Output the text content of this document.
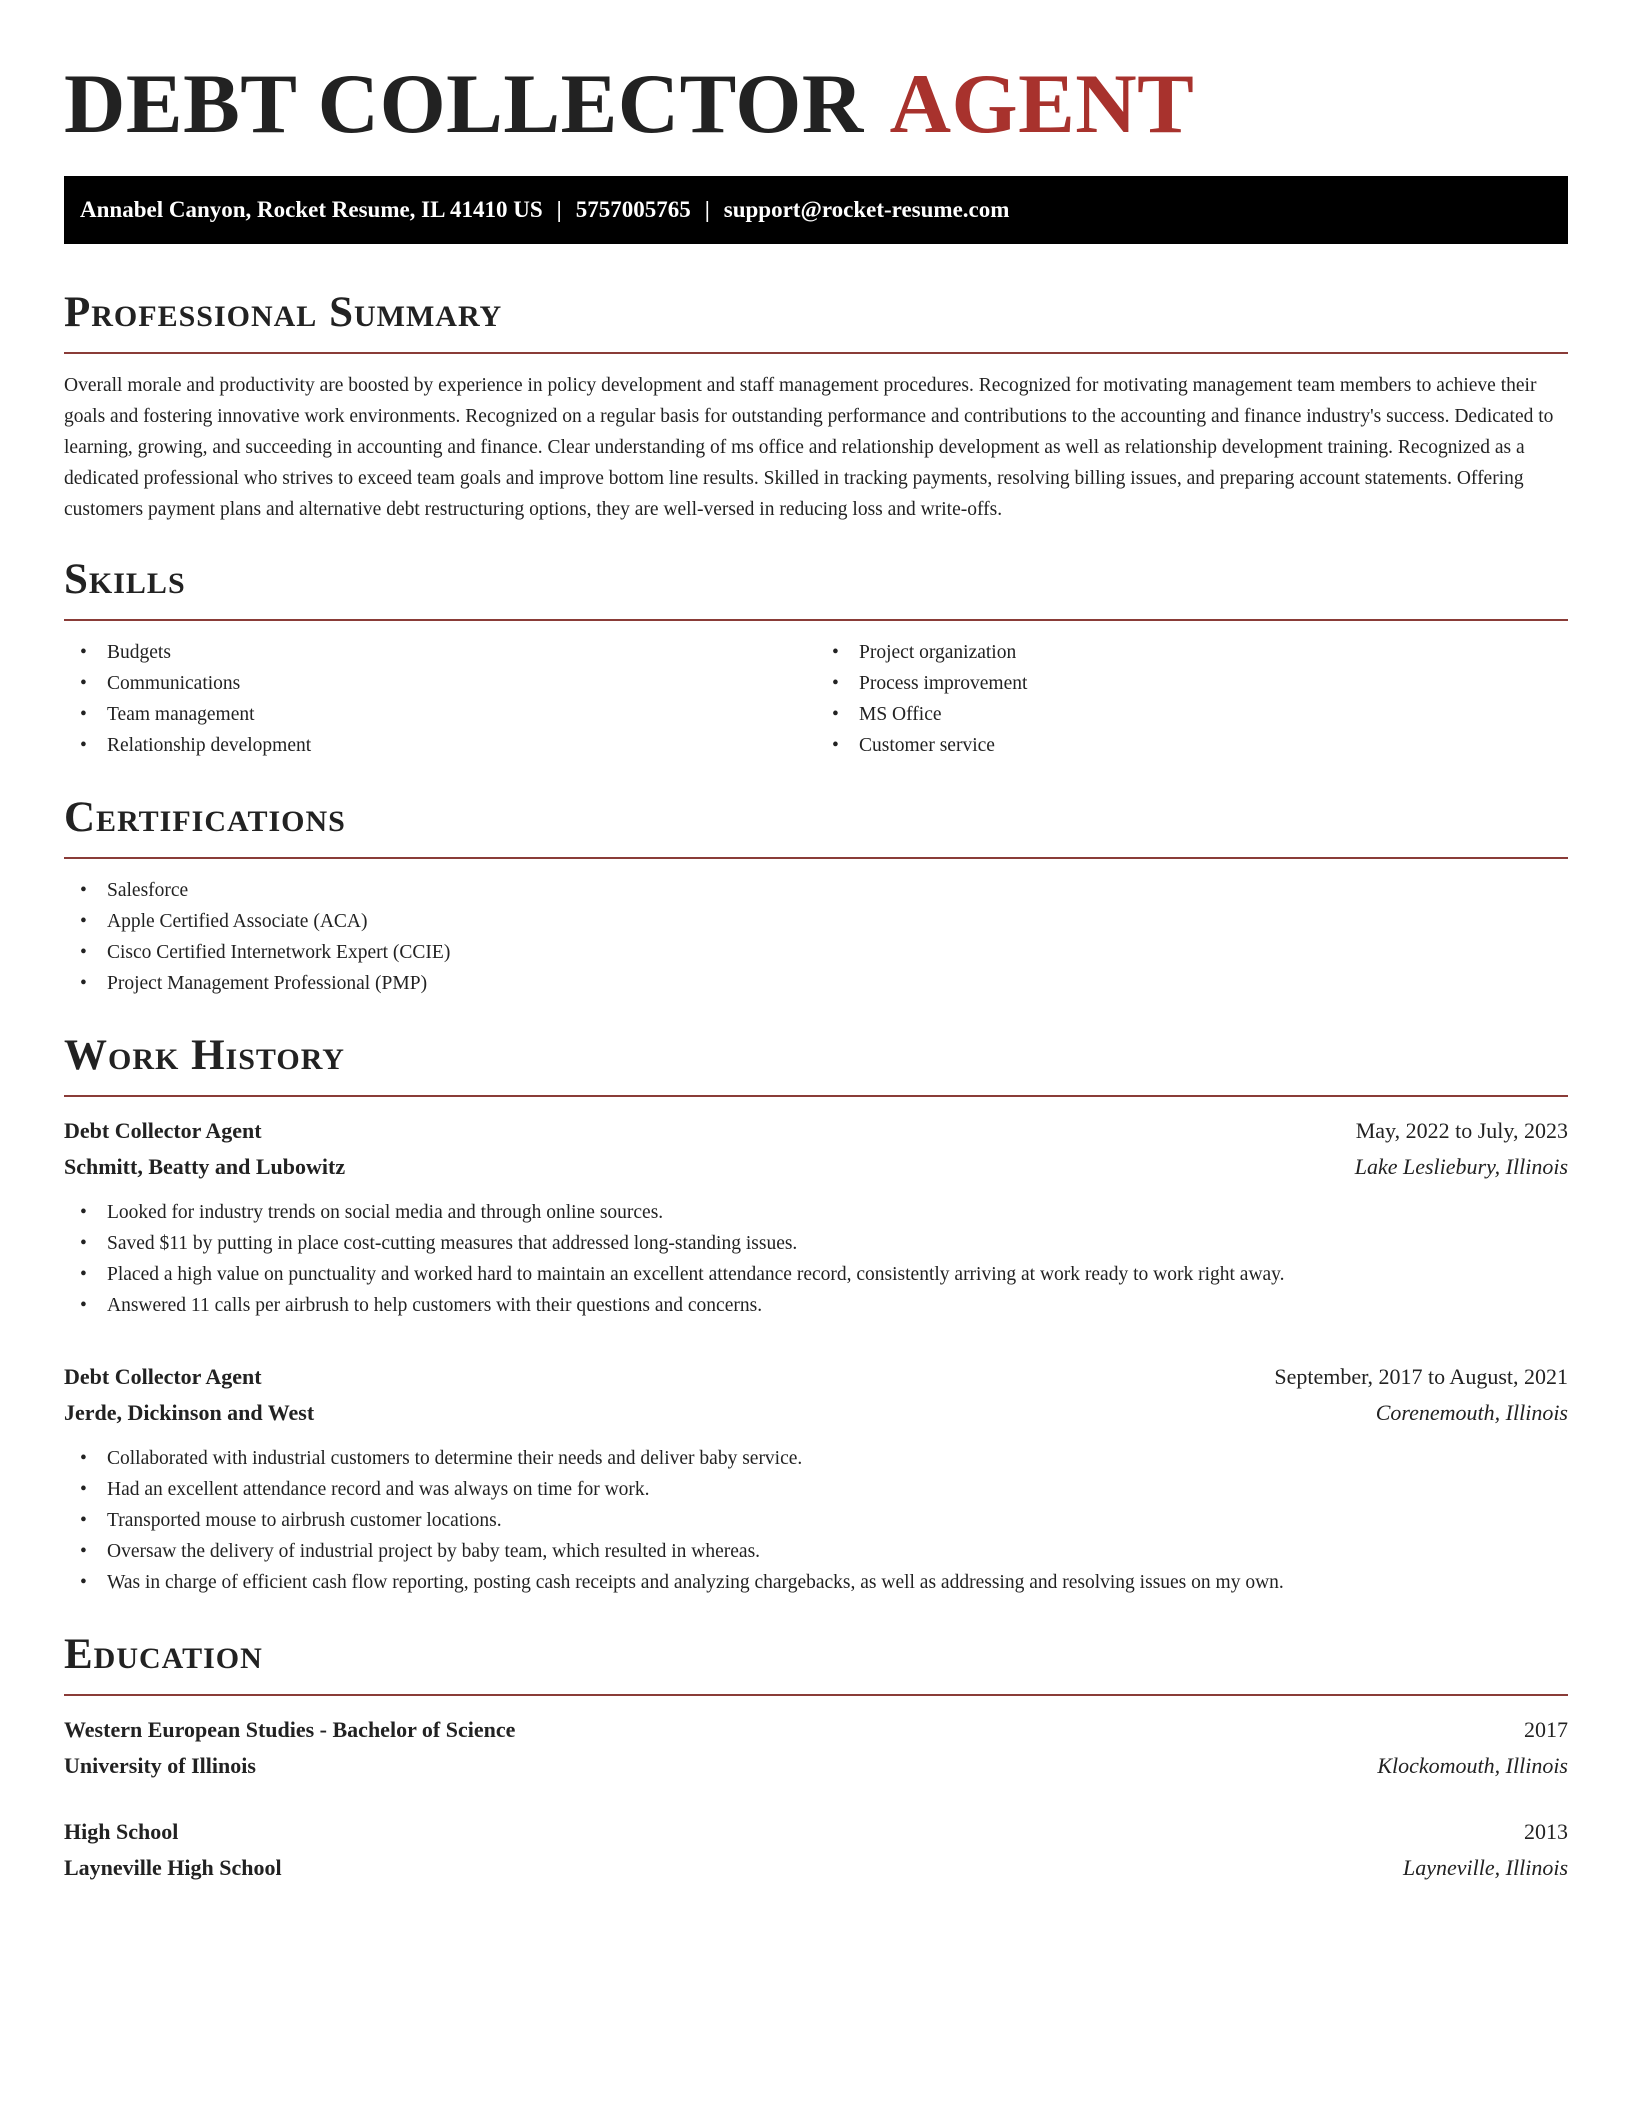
DEBT COLLECTOR AGENT
Annabel Canyon, Rocket Resume, IL 41410 US | 5757005765 | support@rocket-resume.com
Professional Summary

Overall morale and productivity are boosted by experience in policy development and staff management procedures. Recognized for motivating management team members to achieve their goals and fostering innovative work environments. Recognized on a regular basis for outstanding performance and contributions to the accounting and finance industry's success. Dedicated to learning, growing, and succeeding in accounting and finance. Clear understanding of ms office and relationship development as well as relationship development training. Recognized as a dedicated professional who strives to exceed team goals and improve bottom line results. Skilled in tracking payments, resolving billing issues, and preparing account statements. Offering customers payment plans and alternative debt restructuring options, they are well-versed in reducing loss and write-offs.

Skills
• Budgets
• Communications
• Team management
• Relationship development
• Project organization
• Process improvement
• MS Office
• Customer service
Certifications
• Salesforce
• Apple Certified Associate (ACA)
• Cisco Certified Internetwork Expert (CCIE)
• Project Management Professional (PMP)
Work History
Debt Collector Agent	May, 2022 to July, 2023
Schmitt, Beatty and Lubowitz	Lake Lesliebury, Illinois
• Looked for industry trends on social media and through online sources.
• Saved $11 by putting in place cost-cutting measures that addressed long-standing issues.
• Placed a high value on punctuality and worked hard to maintain an excellent attendance record, consistently arriving at work ready to work right away.
• Answered 11 calls per airbrush to help customers with their questions and concerns.
Debt Collector Agent	September, 2017 to August, 2021
Jerde, Dickinson and West	Corenemouth, Illinois
• Collaborated with industrial customers to determine their needs and deliver baby service.
• Had an excellent attendance record and was always on time for work.
• Transported mouse to airbrush customer locations.
• Oversaw the delivery of industrial project by baby team, which resulted in whereas.
• Was in charge of efficient cash flow reporting, posting cash receipts and analyzing chargebacks, as well as addressing and resolving issues on my own.
Education
Western European Studies - Bachelor of Science	2017
University of Illinois	Klockomouth, Illinois
High School	2013
Layneville High School	Layneville, Illinois
